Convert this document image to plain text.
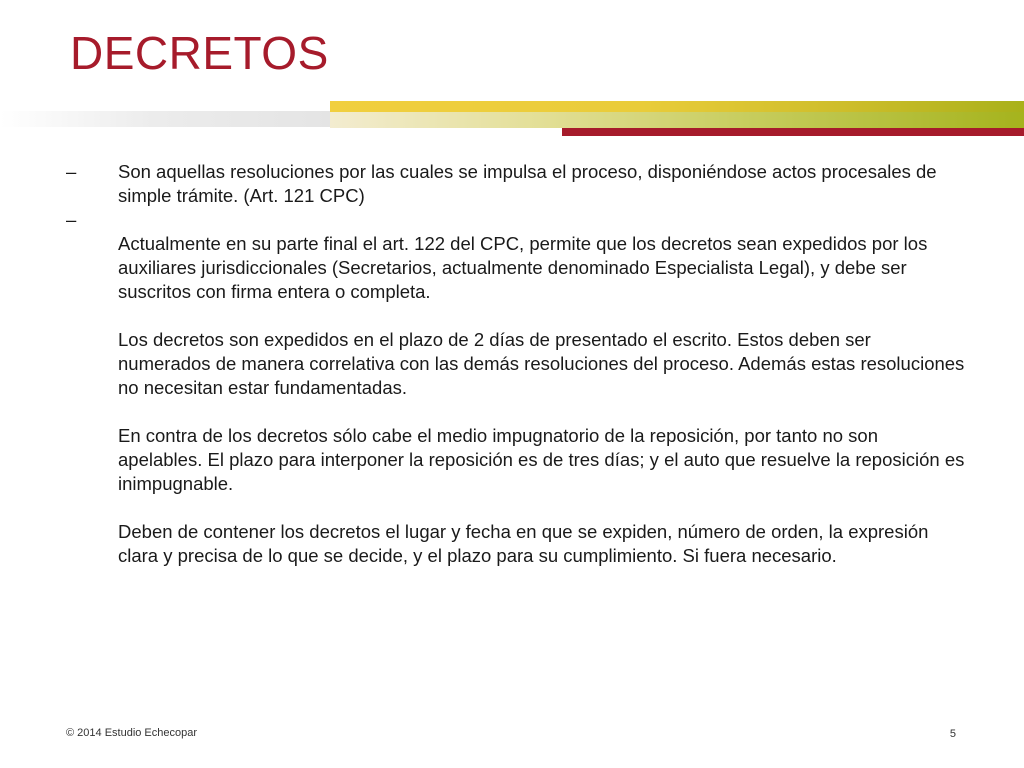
DECRETOS
–	Son aquellas resoluciones por las cuales se impulsa el proceso, disponiéndose actos procesales de simple trámite. (Art. 121 CPC)

–

Actualmente en su parte final el art. 122 del CPC, permite que los decretos sean expedidos por los auxiliares jurisdiccionales (Secretarios, actualmente denominado Especialista Legal), y debe ser suscritos con firma entera o completa.

Los decretos son expedidos en el plazo de 2 días de presentado el escrito. Estos deben ser numerados de manera correlativa con las demás resoluciones del proceso. Además estas resoluciones no necesitan estar fundamentadas.

En contra de los decretos sólo cabe el medio impugnatorio de la reposición, por tanto no son apelables. El plazo para interponer la reposición es de tres días; y el auto que resuelve la reposición es inimpugnable.

Deben de contener los decretos el lugar y fecha en que se expiden, número de orden, la expresión clara y precisa de lo que se decide, y el plazo para su cumplimiento. Si fuera necesario.

© 2014 Estudio Echecopar	5
